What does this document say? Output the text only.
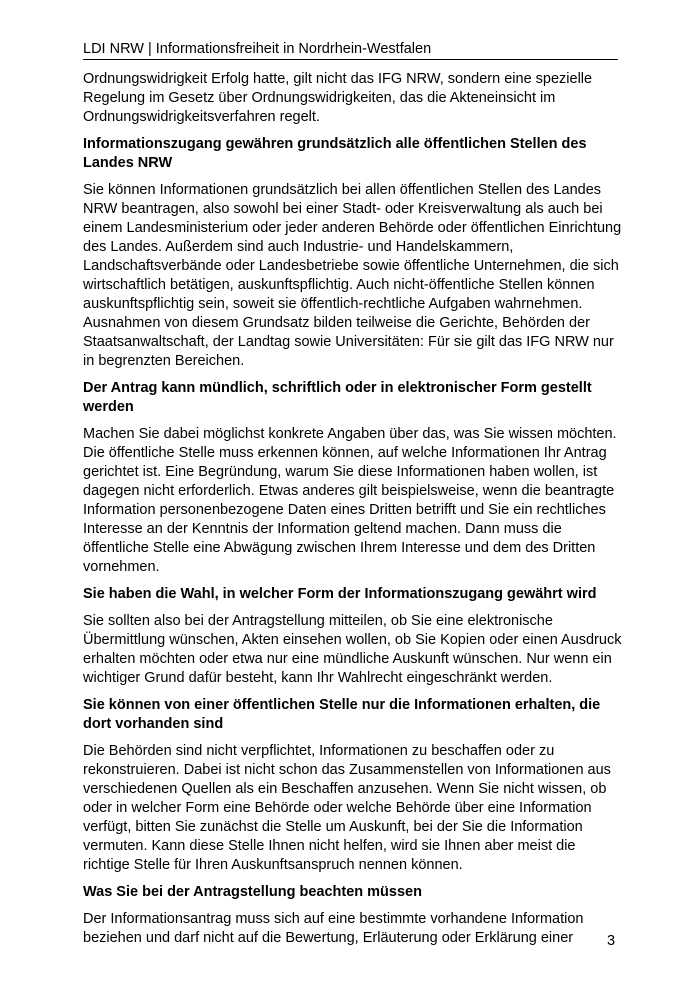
LDI NRW | Informationsfreiheit in Nordrhein-Westfalen

Ordnungswidrigkeit Erfolg hatte, gilt nicht das IFG NRW, sondern eine spezielle Regelung im Gesetz über Ordnungswidrigkeiten, das die Akteneinsicht im Ordnungswidrigkeitsverfahren regelt.

Informationszugang gewähren grundsätzlich alle öffentlichen Stellen des Landes NRW

Sie können Informationen grundsätzlich bei allen öffentlichen Stellen des Landes NRW beantragen, also sowohl bei einer Stadt- oder Kreisverwaltung als auch bei einem Landesministerium oder jeder anderen Behörde oder öffentlichen Einrichtung des Landes. Außerdem sind auch Industrie- und Handelskammern, Landschaftsverbände oder Landesbetriebe sowie öffentliche Unternehmen, die sich wirtschaftlich betätigen, auskunftspflichtig. Auch nicht-öffentliche Stellen können auskunftspflichtig sein, soweit sie öffentlich-rechtliche Aufgaben wahrnehmen. Ausnahmen von diesem Grundsatz bilden teilweise die Gerichte, Behörden der Staatsanwaltschaft, der Landtag sowie Universitäten: Für sie gilt das IFG NRW nur in begrenzten Bereichen.

Der Antrag kann mündlich, schriftlich oder in elektronischer Form gestellt werden

Machen Sie dabei möglichst konkrete Angaben über das, was Sie wissen möchten. Die öffentliche Stelle muss erkennen können, auf welche Informationen Ihr Antrag gerichtet ist. Eine Begründung, warum Sie diese Informationen haben wollen, ist dagegen nicht erforderlich. Etwas anderes gilt beispielsweise, wenn die beantragte Information personenbezogene Daten eines Dritten betrifft und Sie ein rechtliches Interesse an der Kenntnis der Information geltend machen. Dann muss die öffentliche Stelle eine Abwägung zwischen Ihrem Interesse und dem des Dritten vornehmen.

Sie haben die Wahl, in welcher Form der Informationszugang gewährt wird

Sie sollten also bei der Antragstellung mitteilen, ob Sie eine elektronische Übermittlung wünschen, Akten einsehen wollen, ob Sie Kopien oder einen Ausdruck erhalten möchten oder etwa nur eine mündliche Auskunft wünschen. Nur wenn ein wichtiger Grund dafür besteht, kann Ihr Wahlrecht eingeschränkt werden.

Sie können von einer öffentlichen Stelle nur die Informationen erhalten, die dort vorhanden sind

Die Behörden sind nicht verpflichtet, Informationen zu beschaffen oder zu rekonstruieren. Dabei ist nicht schon das Zusammenstellen von Informationen aus verschiedenen Quellen als ein Beschaffen anzusehen. Wenn Sie nicht wissen, ob oder in welcher Form eine Behörde oder welche Behörde über eine Information verfügt, bitten Sie zunächst die Stelle um Auskunft, bei der Sie die Information vermuten. Kann diese Stelle Ihnen nicht helfen, wird sie Ihnen aber meist die richtige Stelle für Ihren Auskunftsanspruch nennen können.

Was Sie bei der Antragstellung beachten müssen

Der Informationsantrag muss sich auf eine bestimmte vorhandene Information beziehen und darf nicht auf die Bewertung, Erläuterung oder Erklärung einer	3
